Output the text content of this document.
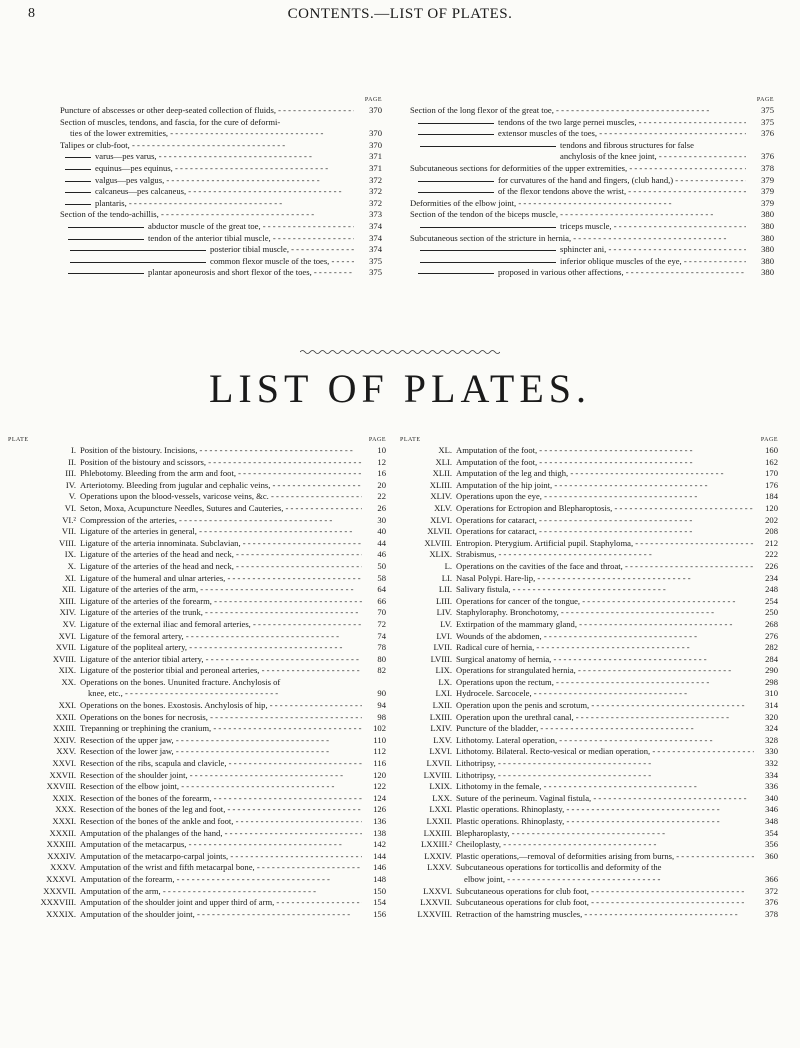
8	CONTENTS.—LIST OF PLATES.
PAGE
Puncture of abscesses or other deep-seated collection of fluids, - -	370
Section of muscles, tendons, and fascia, for the cure of deformi-
ties of the lower extremities, - -	370
Talipes or club-foot, - -	370
varus—pes varus, - -	371
equinus—pes equinus, - -	371
valgus—pes valgus, - -	372
calcaneus—pes calcaneus, - -	372
plantaris, - -	372
Section of the tendo-achillis, - -	373
abductor muscle of the great toe, - -	374
tendon of the anterior tibial muscle, - -	374
posterior tibial muscle, - -	374
common flexor muscle of the toes, - -	375
plantar aponeurosis and short flexor of the toes, - -	375
PAGE
Section of the long flexor of the great toe, - -	375
tendons of the two large pernei muscles, - -	375
extensor muscles of the toes, - -	376
tendons and fibrous structures for false
anchylosis of the knee joint, - -	376
Subcutaneous sections for deformities of the upper extremities, - -	378
for curvatures of the hand and fingers, (club hand,) - -	379
of the flexor tendons above the wrist, - -	379
Deformities of the elbow joint, - -	379
Section of the tendon of the biceps muscle, - -	380
triceps muscle, - -	380
Subcutaneous section of the stricture in hernia, - -	380
sphincter ani, - -	380
inferior oblique muscles of the eye, - -	380
proposed in various other affections, - -	380
LIST OF PLATES.
PLATE	PAGE
I. Position of the bistoury. Incisions, - -	10
II. Position of the bistoury and scissors, - -	12
III. Phlebotomy. Bleeding from the arm and foot, - -	16
IV. Arteriotomy. Bleeding from jugular and cephalic veins, - -	20
V. Operations upon the blood-vessels, varicose veins, &c. - -	22
VI. Seton, Moxa, Acupuncture Needles, Sutures and Cauteries, - -	26
VI.² Compression of the arteries, - -	30
VII. Ligature of the arteries in general, - -	40
VIII. Ligature of the arteria innominata. Subclavian, - -	44
IX. Ligature of the arteries of the head and neck, - -	46
X. Ligature of the arteries of the head and neck, - -	50
XI. Ligature of the humeral and ulnar arteries, - -	58
XII. Ligature of the arteries of the arm, - -	64
XIII. Ligature of the arteries of the forearm, - -	66
XIV. Ligature of the arteries of the trunk, - -	70
XV. Ligature of the external iliac and femoral arteries, - -	72
XVI. Ligature of the femoral artery, - -	74
XVII. Ligature of the popliteal artery, - -	78
XVIII. Ligature of the anterior tibial artery, - -	80
XIX. Ligature of the posterior tibial and peroneal arteries, - -	82
XX. Operations on the bones. Ununited fracture. Anchylosis of
knee, etc., - -	90
XXI. Operations on the bones. Exostosis. Anchylosis of hip, - -	94
XXII. Operations on the bones for necrosis, - -	98
XXIII. Trepanning or trephining the cranium, - -	102
XXIV. Resection of the upper jaw, - -	110
XXV. Resection of the lower jaw, - -	112
XXVI. Resection of the ribs, scapula and clavicle, - -	116
XXVII. Resection of the shoulder joint, - -	120
XXVIII. Resection of the elbow joint, - -	122
XXIX. Resection of the bones of the forearm, - -	124
XXX. Resection of the bones of the leg and foot, - -	126
XXXI. Resection of the bones of the ankle and foot, - -	136
XXXII. Amputation of the phalanges of the hand, - -	138
XXXIII. Amputation of the metacarpus, - -	142
XXXIV. Amputation of the metacarpo-carpal joints, - -	144
XXXV. Amputation of the wrist and fifth metacarpal bone, - -	146
XXXVI. Amputation of the forearm, - -	148
XXXVII. Amputation of the arm, - -	150
XXXVIII. Amputation of the shoulder joint and upper third of arm, - -	154
XXXIX. Amputation of the shoulder joint, - -	156
PLATE	PAGE
XL. Amputation of the foot, - -	160
XLI. Amputation of the foot, - -	162
XLII. Amputation of the leg and thigh, - -	170
XLIII. Amputation of the hip joint, - -	176
XLIV. Operations upon the eye, - -	184
XLV. Operations for Ectropion and Blepharoptosis, - -	120
XLVI. Operations for cataract, - -	202
XLVII. Operations for cataract, - -	208
XLVIII. Entropion. Pterygium. Artificial pupil. Staphyloma, - -	212
XLIX. Strabismus, - -	222
L. Operations on the cavities of the face and throat, - -	226
LI. Nasal Polypi. Hare-lip, - -	234
LII. Salivary fistula, - -	248
LIII. Operations for cancer of the tongue, - -	254
LIV. Staphyloraphy. Bronchotomy, - -	250
LV. Extirpation of the mammary gland, - -	268
LVI. Wounds of the abdomen, - -	276
LVII. Radical cure of hernia, - -	282
LVIII. Surgical anatomy of hernia, - -	284
LIX. Operations for strangulated hernia, - -	290
LX. Operations upon the rectum, - -	298
LXI. Hydrocele. Sarcocele, - -	310
LXII. Operation upon the penis and scrotum, - -	314
LXIII. Operation upon the urethral canal, - -	320
LXIV. Puncture of the bladder, - -	324
LXV. Lithotomy. Lateral operation, - -	328
LXVI. Lithotomy. Bilateral. Recto-vesical or median operation, - -	330
LXVII. Lithotripsy, - -	332
LXVIII. Lithotripsy, - -	334
LXIX. Lithotomy in the female, - -	336
LXX. Suture of the perineum. Vaginal fistula, - -	340
LXXI. Plastic operations. Rhinoplasty, - -	346
LXXII. Plastic operations. Rhinoplasty, - -	348
LXXIII. Blepharoplasty, - -	354
LXXIII.² Cheiloplasty, - -	356
LXXIV. Plastic operations,—removal of deformities arising from burns, - -	360
LXXV. Subcutaneous operations for torticollis and deformity of the
elbow joint, - -	366
LXXVI. Subcutaneous operations for club foot, - -	372
LXXVII. Subcutaneous operations for club foot, - -	376
LXXVIII. Retraction of the hamstring muscles, - -	378
